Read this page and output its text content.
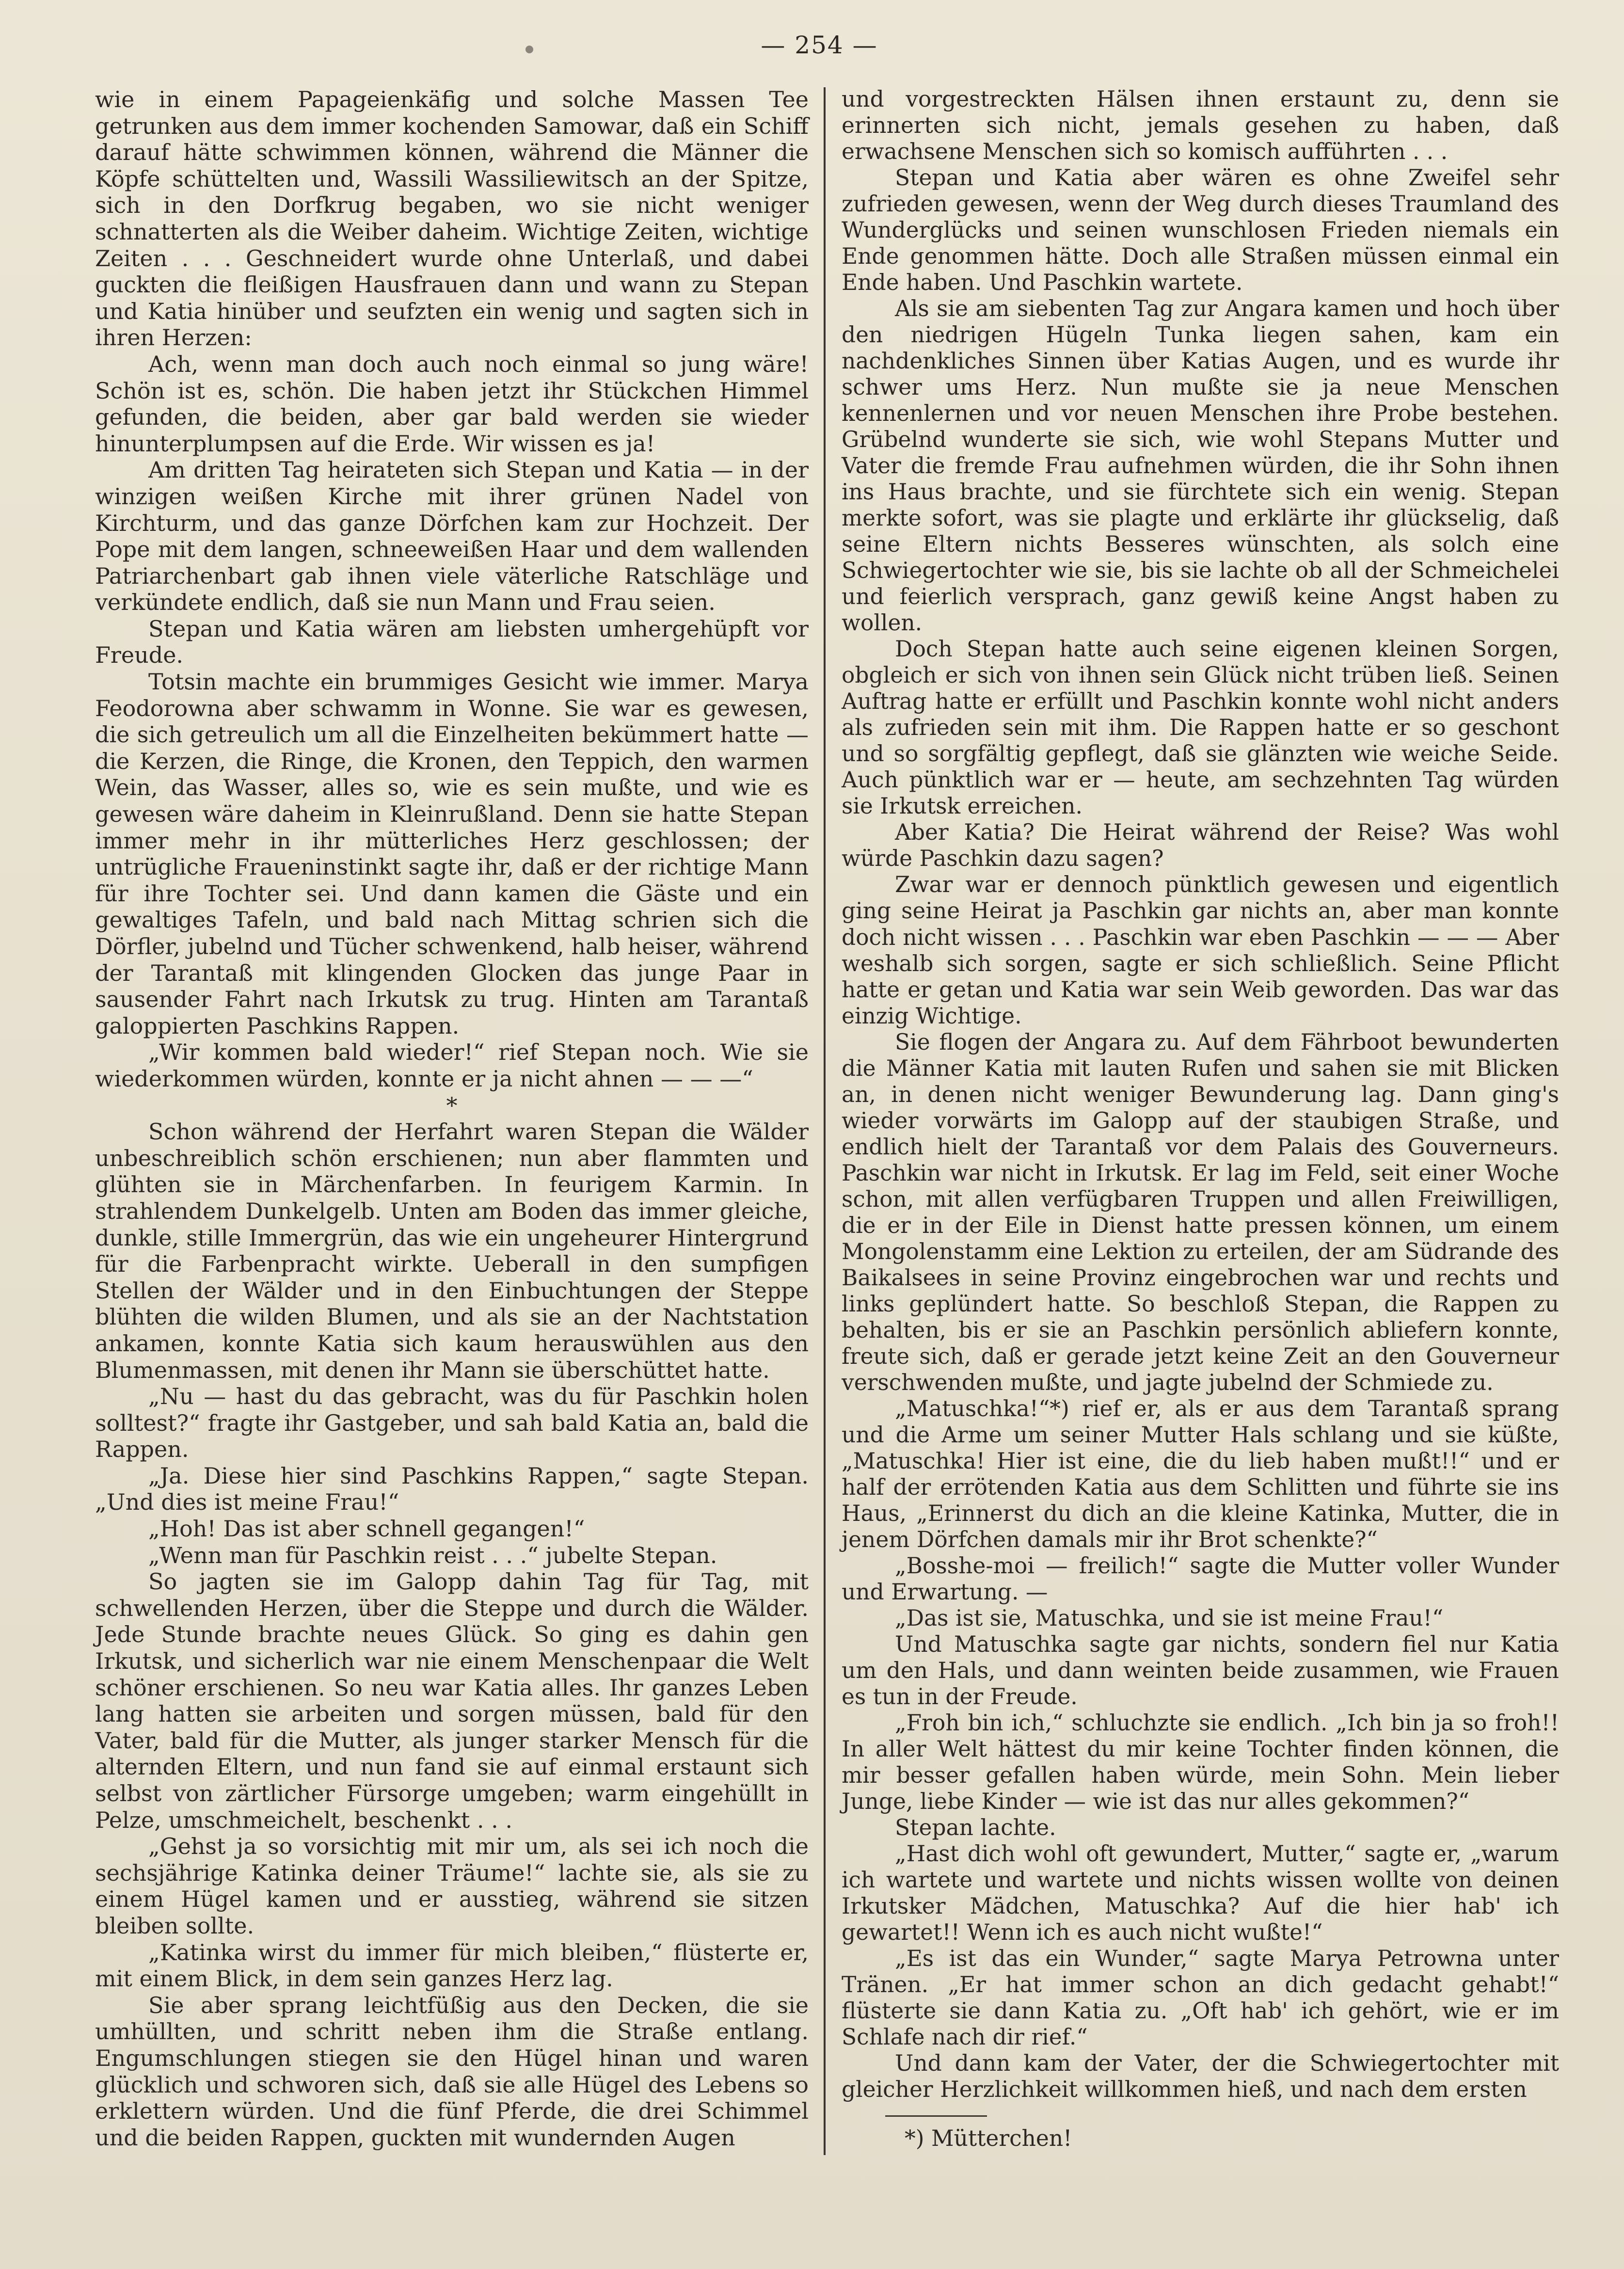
— 254 —

wie in einem Papageienkäfig und solche Massen Tee getrunken aus dem immer kochenden Samowar, daß ein Schiff darauf hätte schwimmen können, während die Männer die Köpfe schüttelten und, Wassili Wassiliewitsch an der Spitze, sich in den Dorfkrug begaben, wo sie nicht weniger schnatterten als die Weiber daheim. Wichtige Zeiten, wichtige Zeiten . . . Geschneidert wurde ohne Unterlaß, und dabei guckten die fleißigen Hausfrauen dann und wann zu Stepan und Katia hinüber und seufzten ein wenig und sagten sich in ihren Herzen:

Ach, wenn man doch auch noch einmal so jung wäre! Schön ist es, schön. Die haben jetzt ihr Stückchen Himmel gefunden, die beiden, aber gar bald werden sie wieder hinunterplumpsen auf die Erde. Wir wissen es ja!

Am dritten Tag heirateten sich Stepan und Katia — in der winzigen weißen Kirche mit ihrer grünen Nadel von Kirchturm, und das ganze Dörfchen kam zur Hochzeit. Der Pope mit dem langen, schneeweißen Haar und dem wallenden Patriarchenbart gab ihnen viele väterliche Ratschläge und verkündete endlich, daß sie nun Mann und Frau seien.

Stepan und Katia wären am liebsten umhergehüpft vor Freude.

Totsin machte ein brummiges Gesicht wie immer. Marya Feodorowna aber schwamm in Wonne. Sie war es gewesen, die sich getreulich um all die Einzelheiten bekümmert hatte — die Kerzen, die Ringe, die Kronen, den Teppich, den warmen Wein, das Wasser, alles so, wie es sein mußte, und wie es gewesen wäre daheim in Kleinrußland. Denn sie hatte Stepan immer mehr in ihr mütterliches Herz geschlossen; der untrügliche Fraueninstinkt sagte ihr, daß er der richtige Mann für ihre Tochter sei. Und dann kamen die Gäste und ein gewaltiges Tafeln, und bald nach Mittag schrien sich die Dörfler, jubelnd und Tücher schwenkend, halb heiser, während der Tarantaß mit klingenden Glocken das junge Paar in sausender Fahrt nach Irkutsk zu trug. Hinten am Tarantaß galoppierten Paschkins Rappen.

„Wir kommen bald wieder!“ rief Stepan noch. Wie sie wiederkommen würden, konnte er ja nicht ahnen — — —“

*

Schon während der Herfahrt waren Stepan die Wälder unbeschreiblich schön erschienen; nun aber flammten und glühten sie in Märchenfarben. In feurigem Karmin. In strahlendem Dunkelgelb. Unten am Boden das immer gleiche, dunkle, stille Immergrün, das wie ein ungeheurer Hintergrund für die Farbenpracht wirkte. Ueberall in den sumpfigen Stellen der Wälder und in den Einbuchtungen der Steppe blühten die wilden Blumen, und als sie an der Nachtstation ankamen, konnte Katia sich kaum herauswühlen aus den Blumenmassen, mit denen ihr Mann sie überschüttet hatte.

„Nu — hast du das gebracht, was du für Paschkin holen solltest?“ fragte ihr Gastgeber, und sah bald Katia an, bald die Rappen.

„Ja. Diese hier sind Paschkins Rappen,“ sagte Stepan. „Und dies ist meine Frau!“

„Hoh! Das ist aber schnell gegangen!“

„Wenn man für Paschkin reist . . .“ jubelte Stepan.

So jagten sie im Galopp dahin Tag für Tag, mit schwellenden Herzen, über die Steppe und durch die Wälder. Jede Stunde brachte neues Glück. So ging es dahin gen Irkutsk, und sicherlich war nie einem Menschenpaar die Welt schöner erschienen. So neu war Katia alles. Ihr ganzes Leben lang hatten sie arbeiten und sorgen müssen, bald für den Vater, bald für die Mutter, als junger starker Mensch für die alternden Eltern, und nun fand sie auf einmal erstaunt sich selbst von zärtlicher Fürsorge umgeben; warm eingehüllt in Pelze, umschmeichelt, beschenkt . . .

„Gehst ja so vorsichtig mit mir um, als sei ich noch die sechsjährige Katinka deiner Träume!“ lachte sie, als sie zu einem Hügel kamen und er ausstieg, während sie sitzen bleiben sollte.

„Katinka wirst du immer für mich bleiben,“ flüsterte er, mit einem Blick, in dem sein ganzes Herz lag.

Sie aber sprang leichtfüßig aus den Decken, die sie umhüllten, und schritt neben ihm die Straße entlang. Engumschlungen stiegen sie den Hügel hinan und waren glücklich und schworen sich, daß sie alle Hügel des Lebens so erklettern würden. Und die fünf Pferde, die drei Schimmel und die beiden Rappen, guckten mit wundernden Augen

und vorgestreckten Hälsen ihnen erstaunt zu, denn sie erinnerten sich nicht, jemals gesehen zu haben, daß erwachsene Menschen sich so komisch aufführten . . .

Stepan und Katia aber wären es ohne Zweifel sehr zufrieden gewesen, wenn der Weg durch dieses Traumland des Wunderglücks und seinen wunschlosen Frieden niemals ein Ende genommen hätte. Doch alle Straßen müssen einmal ein Ende haben. Und Paschkin wartete.

Als sie am siebenten Tag zur Angara kamen und hoch über den niedrigen Hügeln Tunka liegen sahen, kam ein nachdenkliches Sinnen über Katias Augen, und es wurde ihr schwer ums Herz. Nun mußte sie ja neue Menschen kennenlernen und vor neuen Menschen ihre Probe bestehen. Grübelnd wunderte sie sich, wie wohl Stepans Mutter und Vater die fremde Frau aufnehmen würden, die ihr Sohn ihnen ins Haus brachte, und sie fürchtete sich ein wenig. Stepan merkte sofort, was sie plagte und erklärte ihr glückselig, daß seine Eltern nichts Besseres wünschten, als solch eine Schwiegertochter wie sie, bis sie lachte ob all der Schmeichelei und feierlich versprach, ganz gewiß keine Angst haben zu wollen.

Doch Stepan hatte auch seine eigenen kleinen Sorgen, obgleich er sich von ihnen sein Glück nicht trüben ließ. Seinen Auftrag hatte er erfüllt und Paschkin konnte wohl nicht anders als zufrieden sein mit ihm. Die Rappen hatte er so geschont und so sorgfältig gepflegt, daß sie glänzten wie weiche Seide. Auch pünktlich war er — heute, am sechzehnten Tag würden sie Irkutsk erreichen.

Aber Katia? Die Heirat während der Reise? Was wohl würde Paschkin dazu sagen?

Zwar war er dennoch pünktlich gewesen und eigentlich ging seine Heirat ja Paschkin gar nichts an, aber man konnte doch nicht wissen . . . Paschkin war eben Paschkin — — — Aber weshalb sich sorgen, sagte er sich schließlich. Seine Pflicht hatte er getan und Katia war sein Weib geworden. Das war das einzig Wichtige.

Sie flogen der Angara zu. Auf dem Fährboot bewunderten die Männer Katia mit lauten Rufen und sahen sie mit Blicken an, in denen nicht weniger Bewunderung lag. Dann ging's wieder vorwärts im Galopp auf der staubigen Straße, und endlich hielt der Tarantaß vor dem Palais des Gouverneurs. Paschkin war nicht in Irkutsk. Er lag im Feld, seit einer Woche schon, mit allen verfügbaren Truppen und allen Freiwilligen, die er in der Eile in Dienst hatte pressen können, um einem Mongolenstamm eine Lektion zu erteilen, der am Südrande des Baikalsees in seine Provinz eingebrochen war und rechts und links geplündert hatte. So beschloß Stepan, die Rappen zu behalten, bis er sie an Paschkin persönlich abliefern konnte, freute sich, daß er gerade jetzt keine Zeit an den Gouverneur verschwenden mußte, und jagte jubelnd der Schmiede zu.

„Matuschka!“*) rief er, als er aus dem Tarantaß sprang und die Arme um seiner Mutter Hals schlang und sie küßte, „Matuschka! Hier ist eine, die du lieb haben mußt!!“ und er half der errötenden Katia aus dem Schlitten und führte sie ins Haus, „Erinnerst du dich an die kleine Katinka, Mutter, die in jenem Dörfchen damals mir ihr Brot schenkte?“

„Bosshe-moi — freilich!“ sagte die Mutter voller Wunder und Erwartung. —

„Das ist sie, Matuschka, und sie ist meine Frau!“

Und Matuschka sagte gar nichts, sondern fiel nur Katia um den Hals, und dann weinten beide zusammen, wie Frauen es tun in der Freude.

„Froh bin ich,“ schluchzte sie endlich. „Ich bin ja so froh!! In aller Welt hättest du mir keine Tochter finden können, die mir besser gefallen haben würde, mein Sohn. Mein lieber Junge, liebe Kinder — wie ist das nur alles gekommen?“

Stepan lachte.

„Hast dich wohl oft gewundert, Mutter,“ sagte er, „warum ich wartete und wartete und nichts wissen wollte von deinen Irkutsker Mädchen, Matuschka? Auf die hier hab' ich gewartet!! Wenn ich es auch nicht wußte!“

„Es ist das ein Wunder,“ sagte Marya Petrowna unter Tränen. „Er hat immer schon an dich gedacht gehabt!“ flüsterte sie dann Katia zu. „Oft hab' ich gehört, wie er im Schlafe nach dir rief.“

Und dann kam der Vater, der die Schwiegertochter mit gleicher Herzlichkeit willkommen hieß, und nach dem ersten

*) Mütterchen!
